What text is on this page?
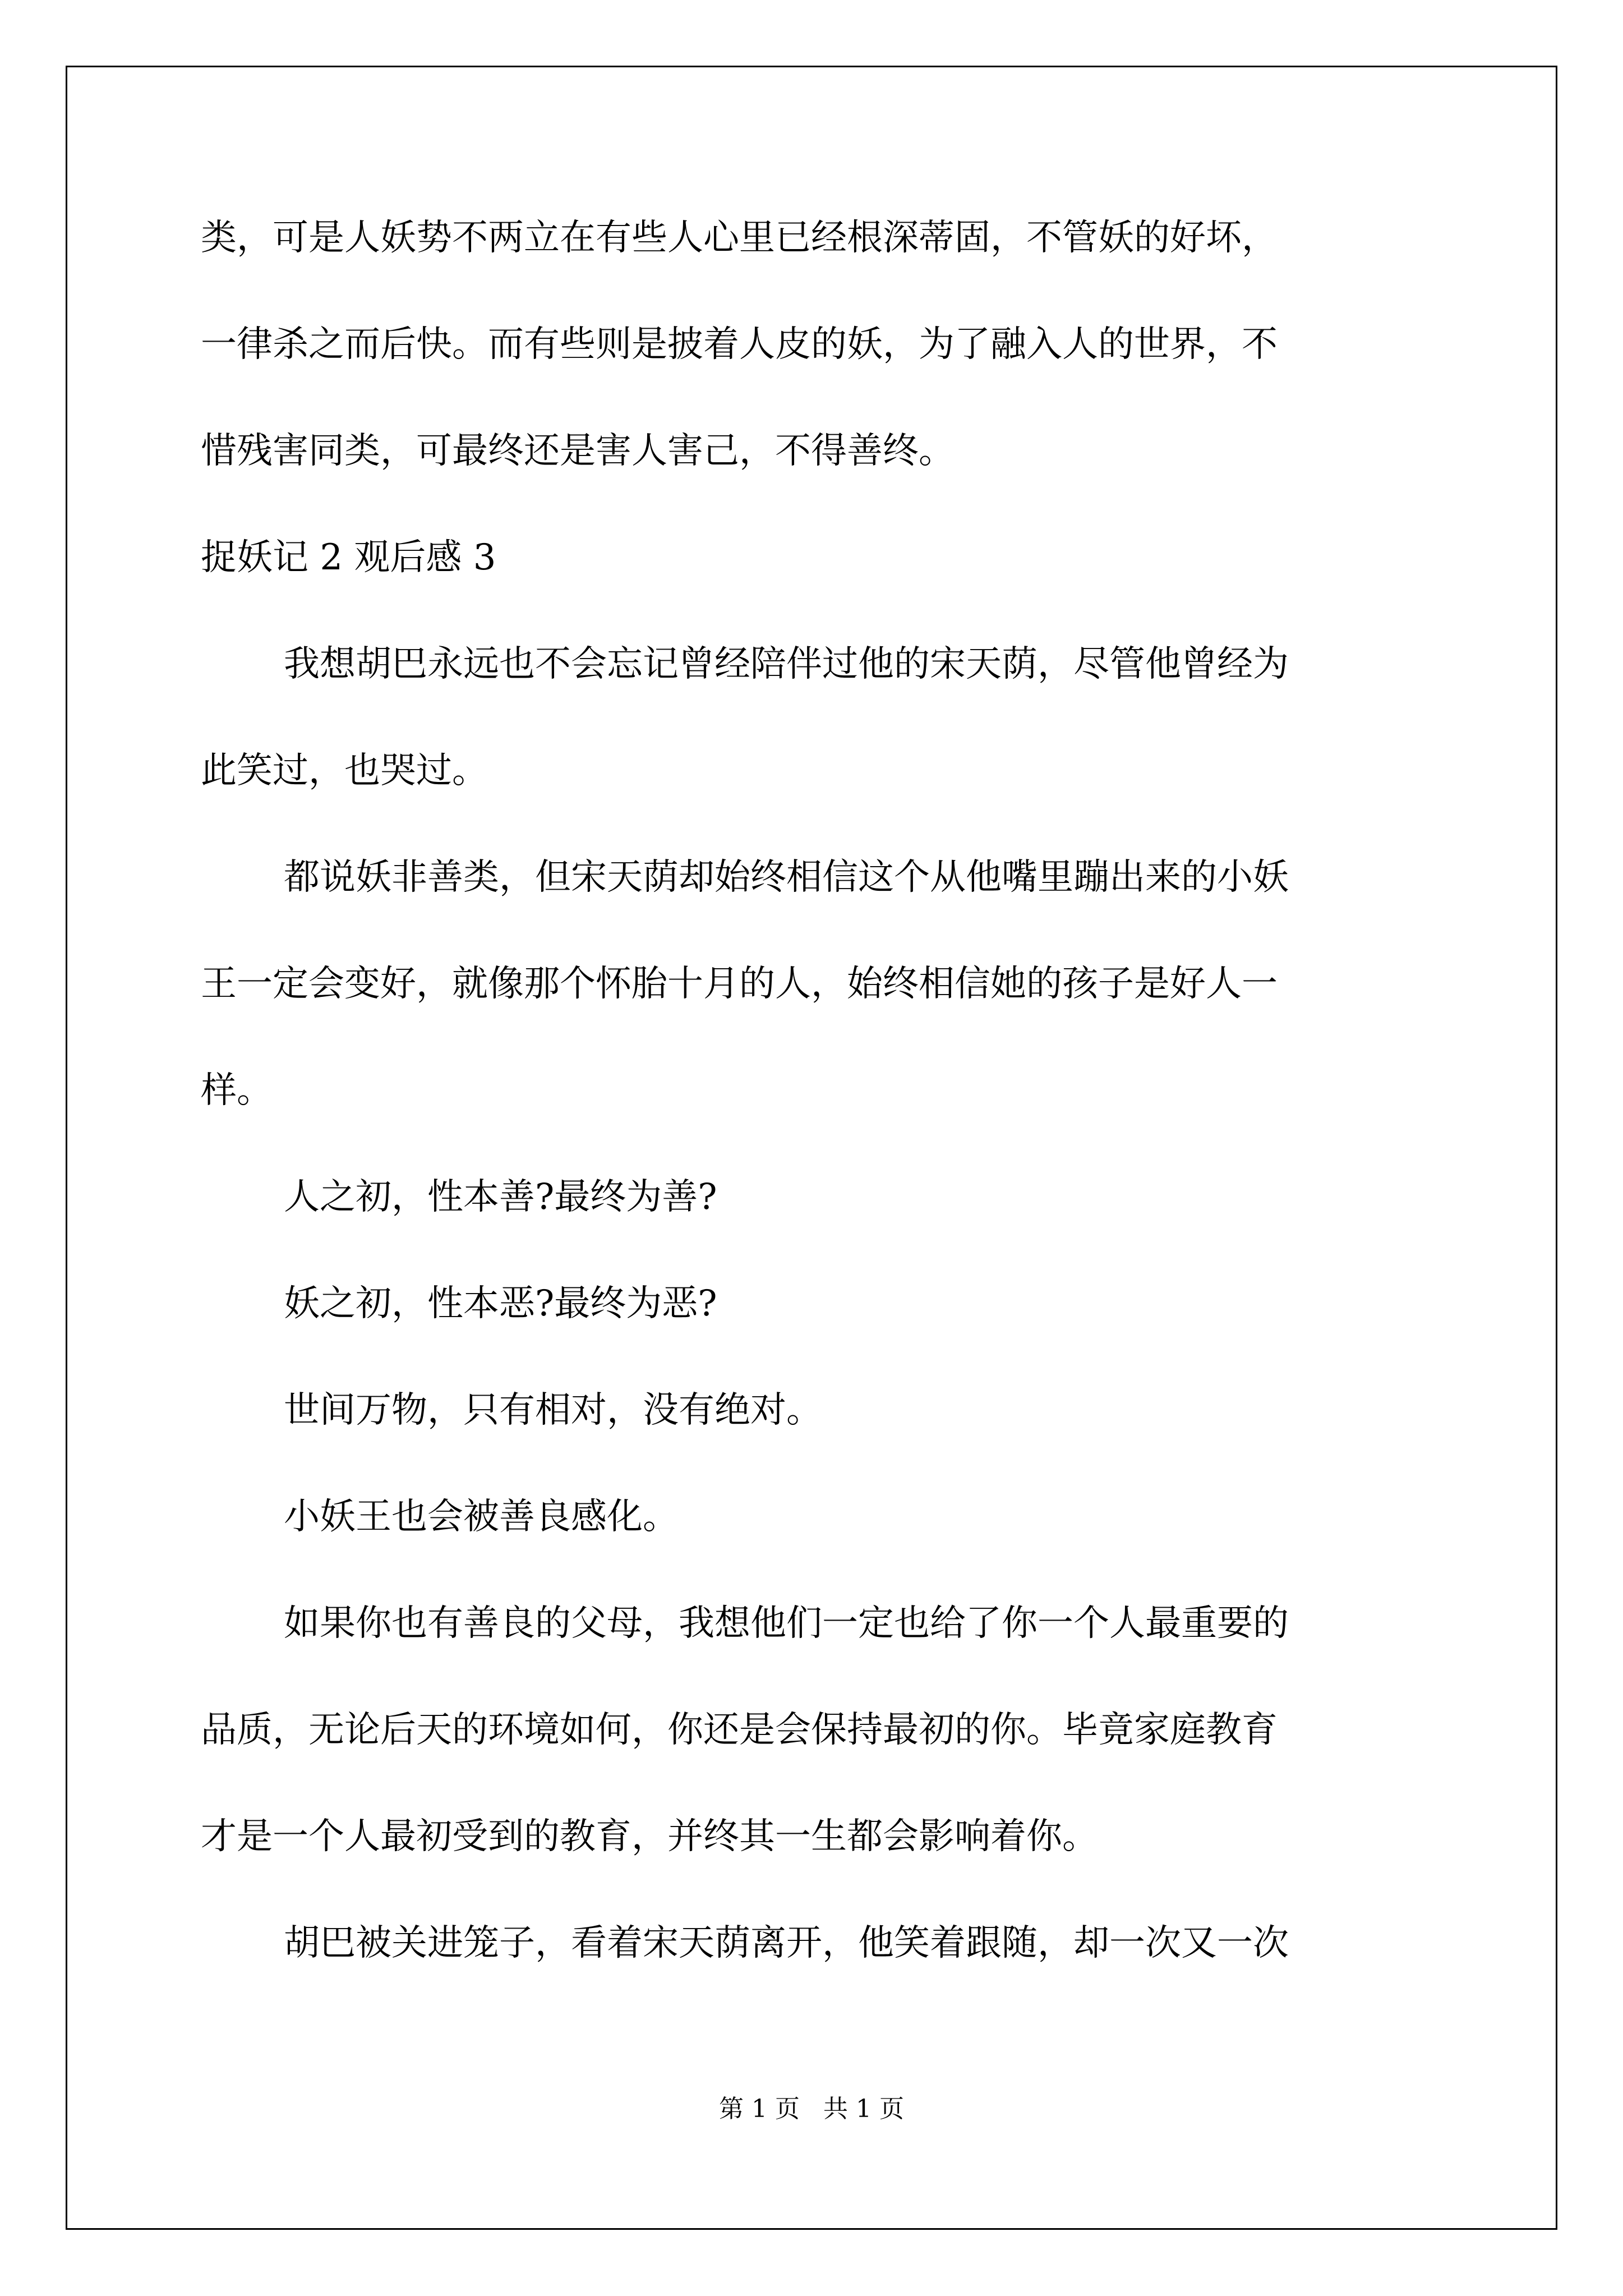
类，可是人妖势不两立在有些人心里已经根深蒂固，不管妖的好坏，
一律杀之而后快。而有些则是披着人皮的妖，为了融入人的世界，不
惜残害同类，可最终还是害人害己，不得善终。
捉妖记 2 观后感 3
我想胡巴永远也不会忘记曾经陪伴过他的宋天荫，尽管他曾经为
此笑过，也哭过。
都说妖非善类，但宋天荫却始终相信这个从他嘴里蹦出来的小妖
王一定会变好，就像那个怀胎十月的人，始终相信她的孩子是好人一
样。
人之初，性本善?最终为善?
妖之初，性本恶?最终为恶?
世间万物，只有相对，没有绝对。
小妖王也会被善良感化。
如果你也有善良的父母，我想他们一定也给了你一个人最重要的
品质，无论后天的环境如何，你还是会保持最初的你。毕竟家庭教育
才是一个人最初受到的教育，并终其一生都会影响着你。
胡巴被关进笼子，看着宋天荫离开，他笑着跟随，却一次又一次
第 1 页   共 1 页
